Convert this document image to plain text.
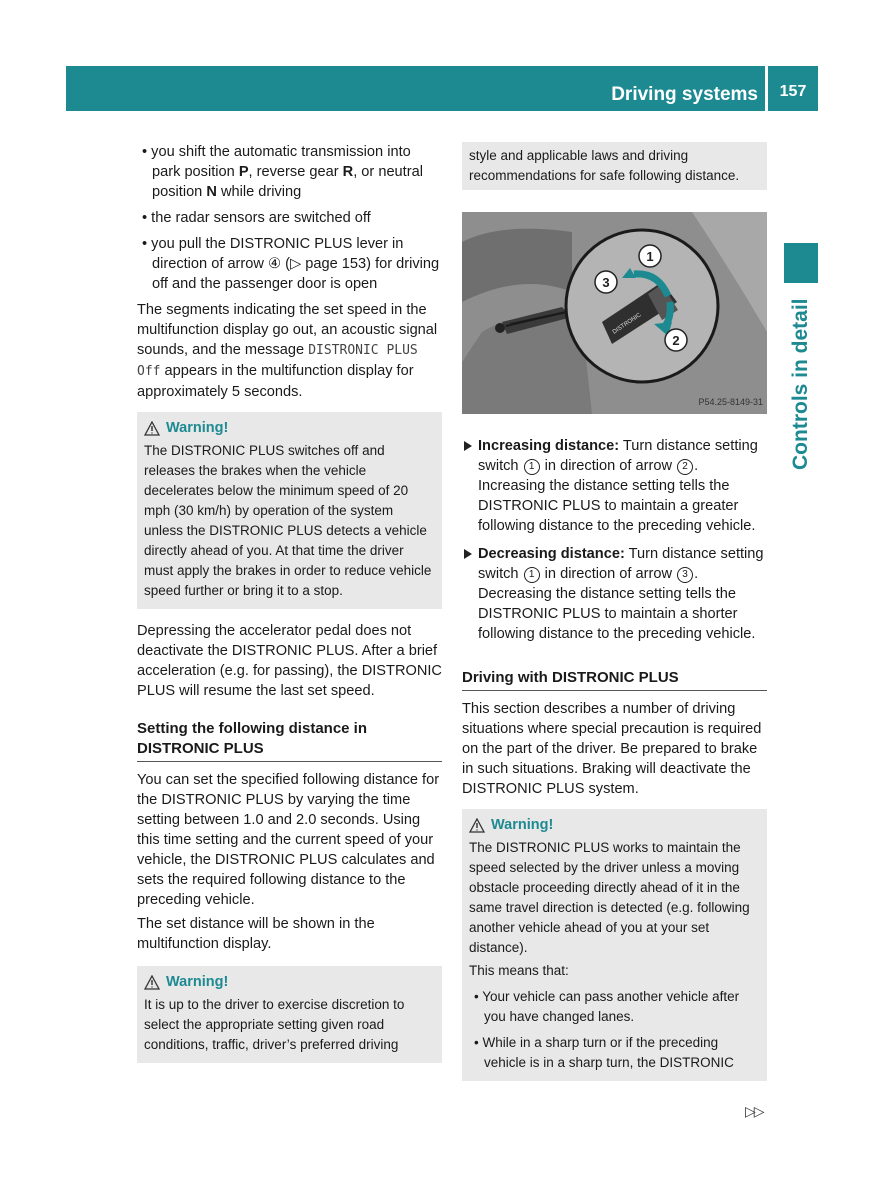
Driving systems	157
Controls in detail
• you shift the automatic transmission into park position P, reverse gear R, or neutral position N while driving
• the radar sensors are switched off
• you pull the DISTRONIC PLUS lever in direction of arrow ④ (▷ page 153) for driving off and the passenger door is open

The segments indicating the set speed in the multifunction display go out, an acoustic signal sounds, and the message DISTRONIC PLUS Off appears in the multifunction display for approximately 5 seconds.

Warning!
The DISTRONIC PLUS switches off and releases the brakes when the vehicle decelerates below the minimum speed of 20 mph (30 km/h) by operation of the system unless the DISTRONIC PLUS detects a vehicle directly ahead of you. At that time the driver must apply the brakes in order to reduce vehicle speed further or bring it to a stop.

Depressing the accelerator pedal does not deactivate the DISTRONIC PLUS. After a brief acceleration (e.g. for passing), the DISTRONIC PLUS will resume the last set speed.

Setting the following distance in DISTRONIC PLUS

You can set the specified following distance for the DISTRONIC PLUS by varying the time setting between 1.0 and 2.0 seconds. Using this time setting and the current speed of your vehicle, the DISTRONIC PLUS calculates and sets the required following distance to the preceding vehicle.

The set distance will be shown in the multifunction display.

Warning!
It is up to the driver to exercise discretion to select the appropriate setting given road conditions, traffic, driver’s preferred driving
style and applicable laws and driving recommendations for safe following distance.
DISTRONIC
1
3
2
P54.25-8149-31
Increasing distance: Turn distance setting switch 1 in direction of arrow 2 . Increasing the distance setting tells the DISTRONIC PLUS to maintain a greater following distance to the preceding vehicle.
Decreasing distance: Turn distance setting switch 1 in direction of arrow 3 . Decreasing the distance setting tells the DISTRONIC PLUS to maintain a shorter following distance to the preceding vehicle.
Driving with DISTRONIC PLUS

This section describes a number of driving situations where special precaution is required on the part of the driver. Be prepared to brake in such situations. Braking will deactivate the DISTRONIC PLUS system.

Warning!
The DISTRONIC PLUS works to maintain the speed selected by the driver unless a moving obstacle proceeding directly ahead of it in the same travel direction is detected (e.g. following another vehicle ahead of you at your set distance).
This means that:
• Your vehicle can pass another vehicle after you have changed lanes.
• While in a sharp turn or if the preceding vehicle is in a sharp turn, the DISTRONIC
▷▷
